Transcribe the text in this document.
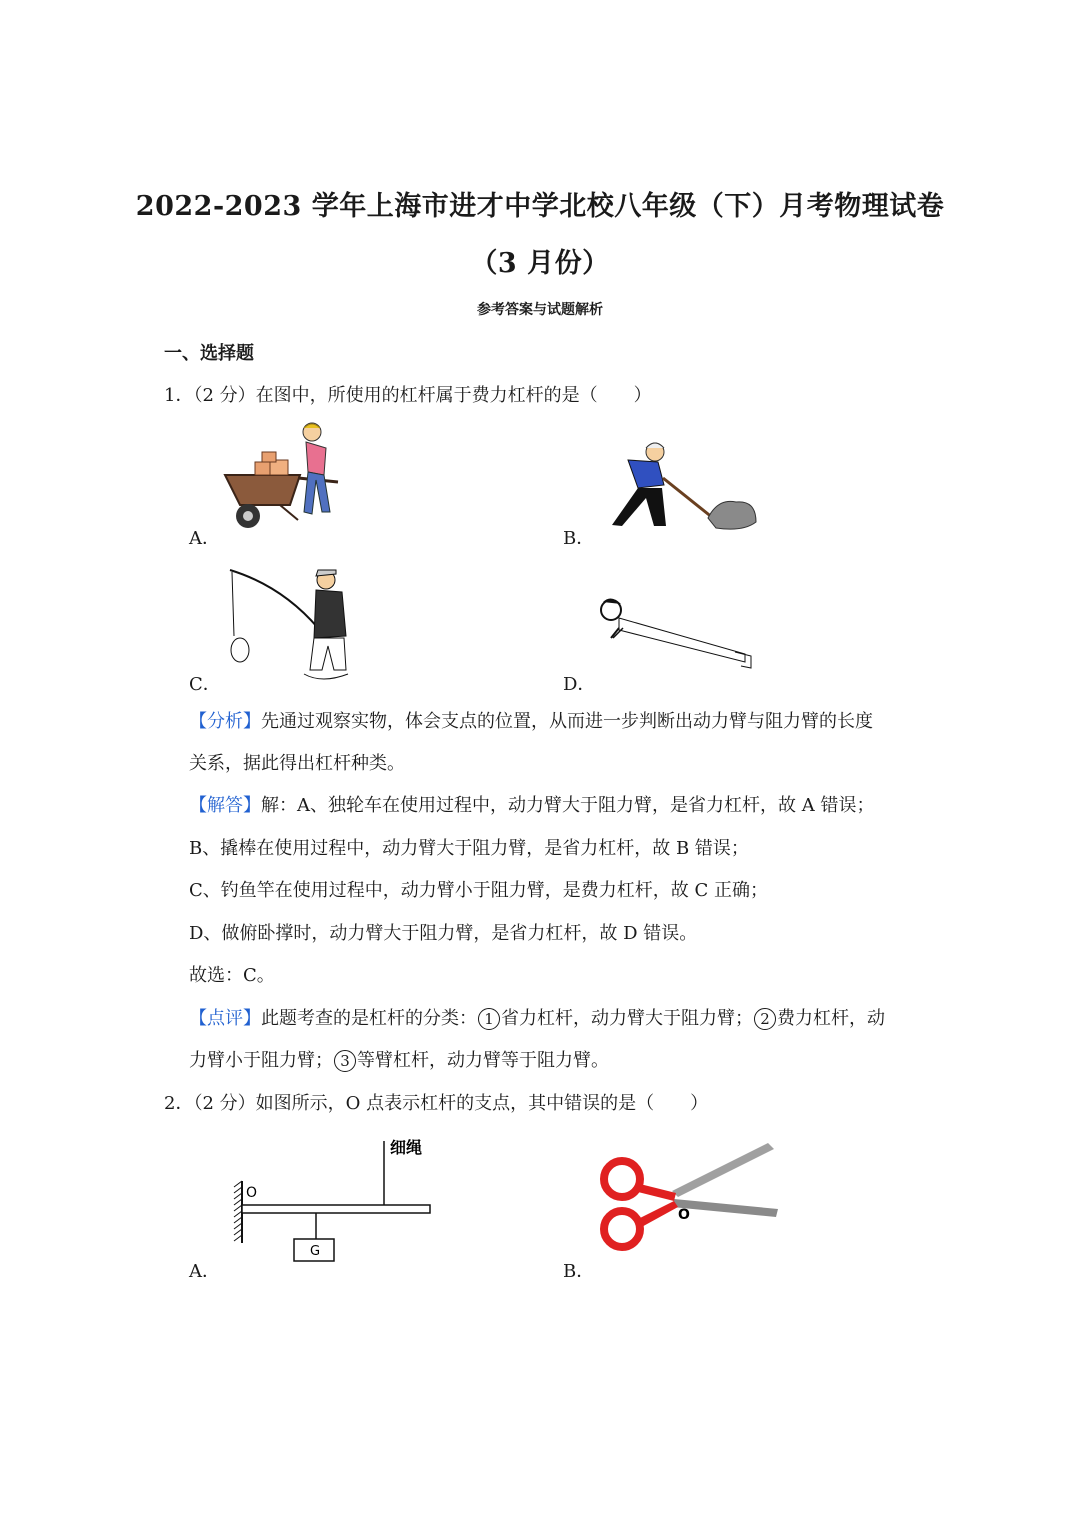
2022-2023 学年上海市进才中学北校八年级（下）月考物理试卷
（3 月份）
参考答案与试题解析
一、选择题
1．（2 分）在图中，所使用的杠杆属于费力杠杆的是（　　）
A．	B．
C．	D．
【分析】先通过观察实物，体会支点的位置，从而进一步判断出动力臂与阻力臂的长度
关系，据此得出杠杆种类。
【解答】解：A、独轮车在使用过程中，动力臂大于阻力臂，是省力杠杆，故 A 错误；
B、撬棒在使用过程中，动力臂大于阻力臂，是省力杠杆，故 B 错误；
C、钓鱼竿在使用过程中，动力臂小于阻力臂，是费力杠杆，故 C 正确；
D、做俯卧撑时，动力臂大于阻力臂，是省力杠杆，故 D 错误。
故选：C。
【点评】此题考查的是杠杆的分类： 1 省力杠杆，动力臂大于阻力臂； 2 费力杠杆，动
力臂小于阻力臂； 3 等臂杠杆，动力臂等于阻力臂。
2．（2 分）如图所示，O 点表示杠杆的支点，其中错误的是（　　）
O
G
细绳
A．
O
B．
